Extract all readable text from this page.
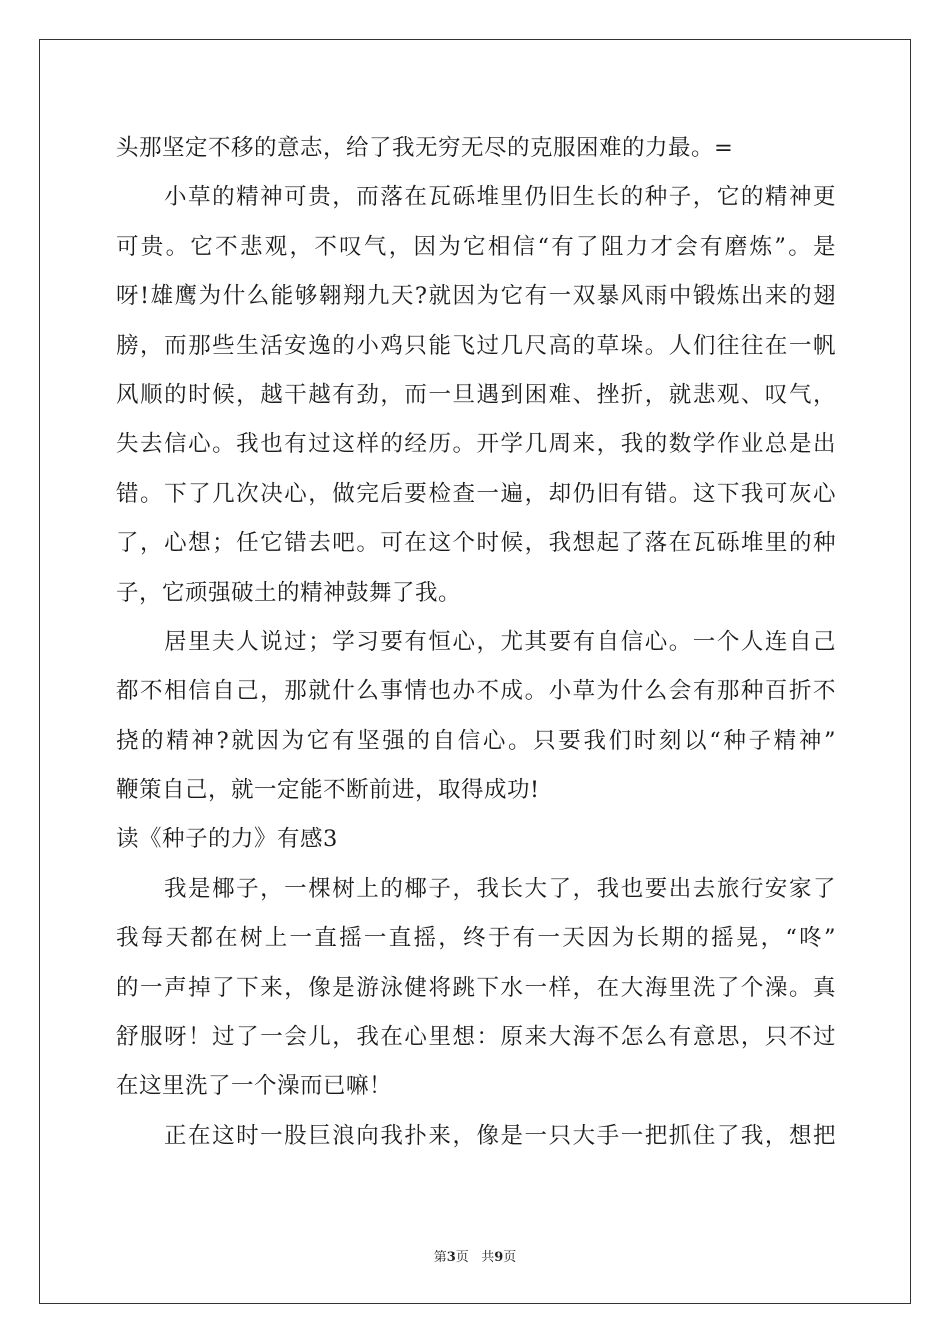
头那坚定不移的意志，给了我无穷无尽的克服困难的力最。=
小草的精神可贵，而落在瓦砾堆里仍旧生长的种子，它的精神更
可贵。它不悲观，不叹气，因为它相信“有了阻力才会有磨炼”。是
呀!雄鹰为什么能够翱翔九天?就因为它有一双暴风雨中锻炼出来的翅
膀，而那些生活安逸的小鸡只能飞过几尺高的草垛。人们往往在一帆
风顺的时候，越干越有劲，而一旦遇到困难、挫折，就悲观、叹气，
失去信心。我也有过这样的经历。开学几周来，我的数学作业总是出
错。下了几次决心，做完后要检查一遍，却仍旧有错。这下我可灰心
了，心想；任它错去吧。可在这个时候，我想起了落在瓦砾堆里的种
子，它顽强破土的精神鼓舞了我。
居里夫人说过；学习要有恒心，尤其要有自信心。一个人连自己
都不相信自己，那就什么事情也办不成。小草为什么会有那种百折不
挠的精神?就因为它有坚强的自信心。只要我们时刻以“种子精神”
鞭策自己，就一定能不断前进，取得成功!
读《种子的力》有感3
我是椰子，一棵树上的椰子，我长大了，我也要出去旅行安家了
我每天都在树上一直摇一直摇，终于有一天因为长期的摇晃，“咚”
的一声掉了下来，像是游泳健将跳下水一样，在大海里洗了个澡。真
舒服呀！过了一会儿，我在心里想：原来大海不怎么有意思，只不过
在这里洗了一个澡而已嘛！
正在这时一股巨浪向我扑来，像是一只大手一把抓住了我，想把
第3页   共9页
